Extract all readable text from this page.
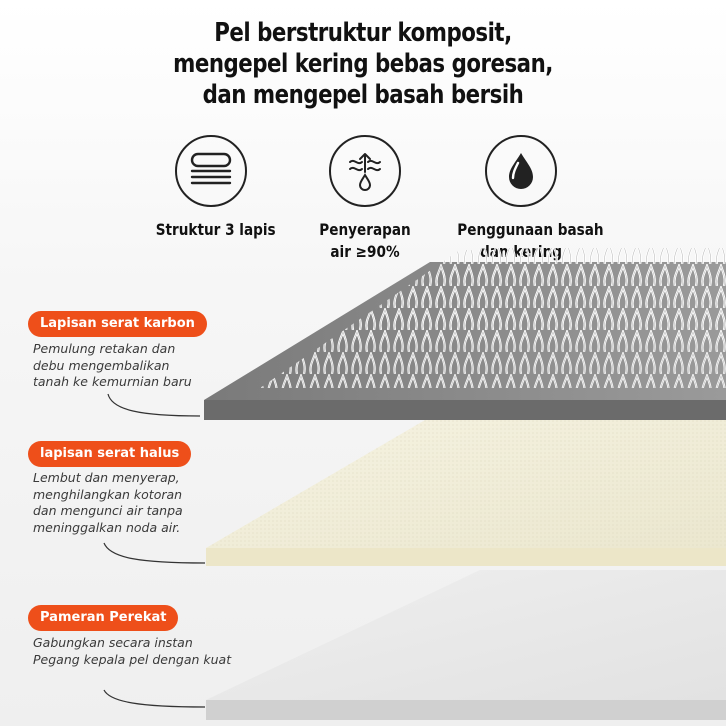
Pel berstruktur komposit,
mengepel kering bebas goresan,
dan mengepel basah bersih
Struktur 3 lapis	Penyerapan
air ≥90%
Penggunaan basah
Lapisan serat karbon
Pemulung retakan dan
debu mengembalikan
tanah ke kemurnian baru
lapisan serat halus
Lembut dan menyerap,
menghilangkan kotoran
dan mengunci air tanpa
meninggalkan noda air.
Pameran Perekat
Gabungkan secara instan
Pegang kepala pel dengan kuat
